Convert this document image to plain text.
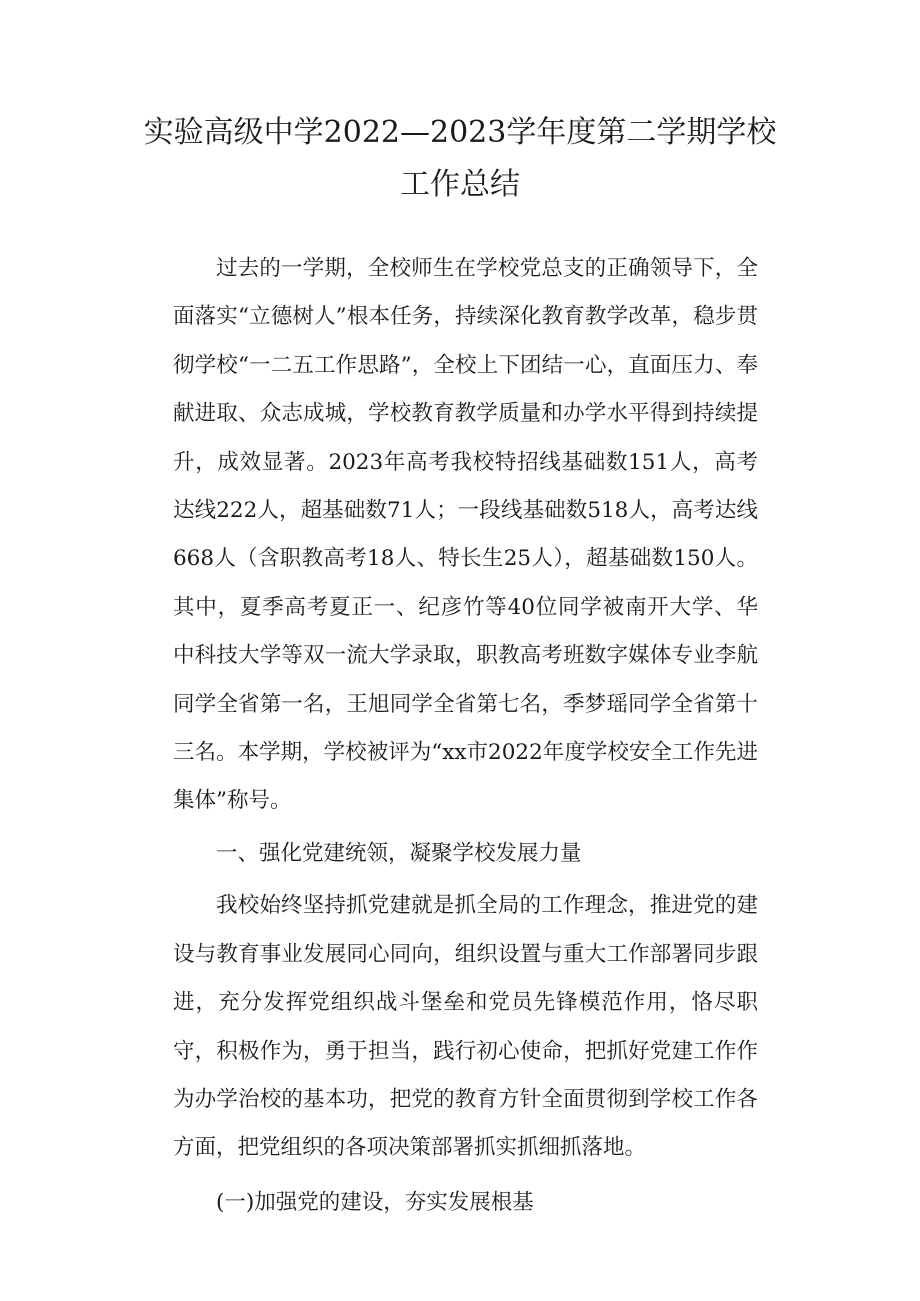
实验高级中学2022—2023学年度第二学期学校
工作总结

过去的一学期，全校师生在学校党总支的正确领导下，全面落实“立德树人”根本任务，持续深化教育教学改革，稳步贯彻学校“一二五工作思路”，全校上下团结一心，直面压力、奉献进取、众志成城，学校教育教学质量和办学水平得到持续提升，成效显著。2023年高考我校特招线基础数151人，高考达线222人，超基础数71人；一段线基础数518人，高考达线668人（含职教高考18人、特长生25人），超基础数150人。其中，夏季高考夏正一、纪彦竹等40位同学被南开大学、华中科技大学等双一流大学录取，职教高考班数字媒体专业李航同学全省第一名，王旭同学全省第七名，季梦瑶同学全省第十三名。本学期，学校被评为“xx市2022年度学校安全工作先进集体”称号。

一、强化党建统领，凝聚学校发展力量

我校始终坚持抓党建就是抓全局的工作理念，推进党的建设与教育事业发展同心同向，组织设置与重大工作部署同步跟进，充分发挥党组织战斗堡垒和党员先锋模范作用，恪尽职守，积极作为，勇于担当，践行初心使命，把抓好党建工作作为办学治校的基本功，把党的教育方针全面贯彻到学校工作各方面，把党组织的各项决策部署抓实抓细抓落地。

(一)加强党的建设，夯实发展根基
